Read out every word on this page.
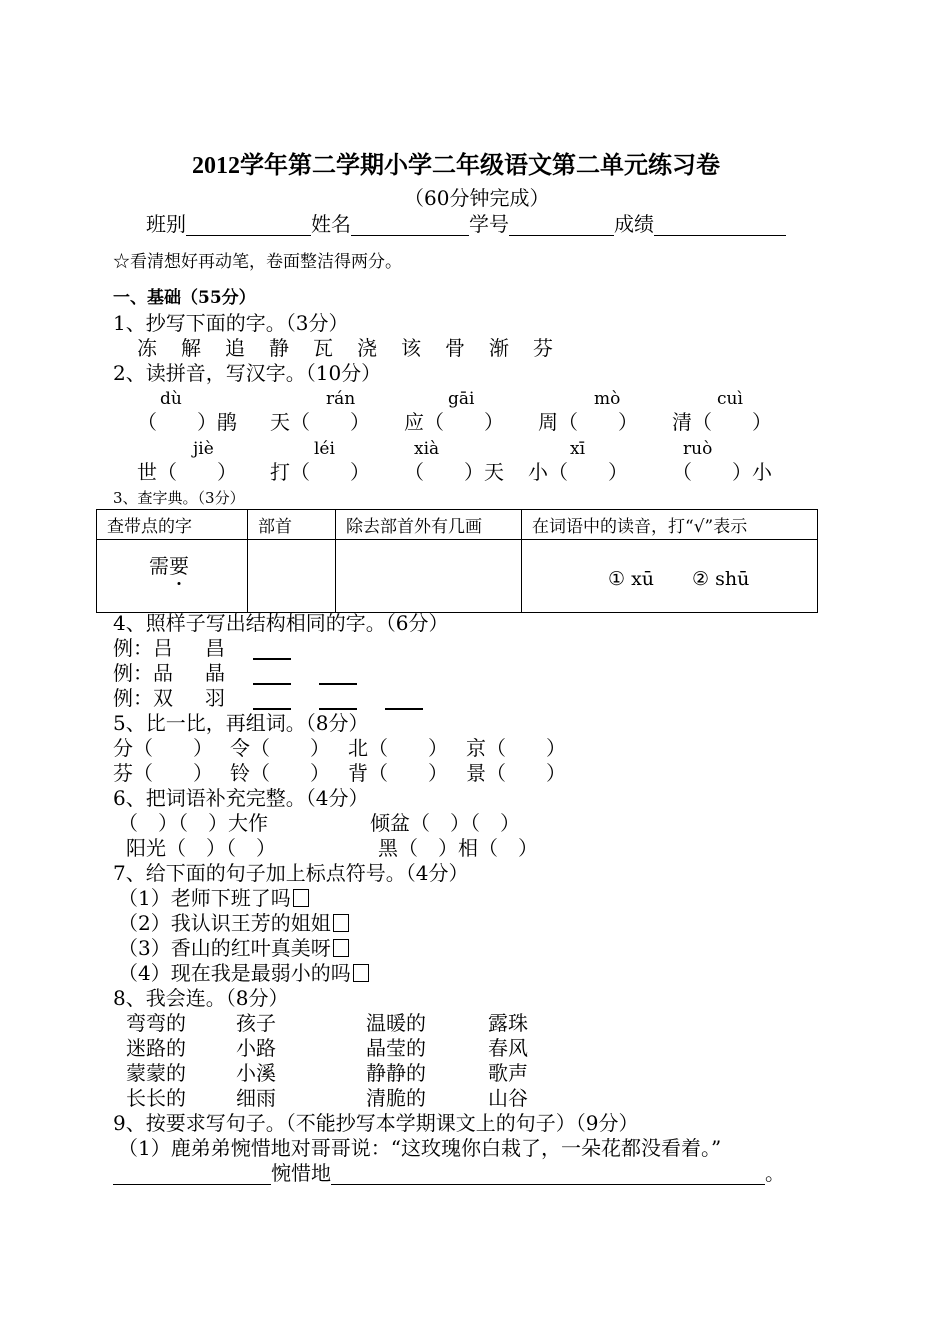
2012学年第二学期小学二年级语文第二单元练习卷
（60分钟完成）
班别	姓名	学号	成绩
☆看清想好再动笔，卷面整洁得两分。
一、基础（55分）
1、抄写下面的字。（3分）
冻	解	追	静	瓦	浇	该	骨	渐	芬
2、读拼音，写汉字。（10分）
dù	rán	gāi	mò	cuì
（　　）鹃 天（　　） 应（　　） 周（　　） 清（　　）
jiè	léi	xià	xī	ruò
世（　　） 打（　　） （　　）天 小（　　） （　　）小
3、查字典。（3分）
查带点的字	部首	除去部首外有几画	在词语中的读音，打“√”表示
需要			① xū　　② shū
4、照样子写出结构相同的字。（6分）
例：吕 昌
例：品 晶
例：双 羽
5、比一比，再组词。（8分）
分（　　） 令（　　） 北（　　） 京（　　）
芬（　　） 铃（　　） 背（　　） 景（　　）
6、把词语补充完整。（4分）
（　）（　）大作	倾盆（　）（　）
阳光（　）（　）	黑（　）相（　）
7、给下面的句子加上标点符号。（4分）
（1）老师下班了吗
（2）我认识王芳的姐姐
（3）香山的红叶真美呀
（4）现在我是最弱小的吗
8、我会连。（8分）
弯弯的	孩子	温暖的	露珠
迷路的	小路	晶莹的	春风
蒙蒙的	小溪	静静的	歌声
长长的	细雨	清脆的	山谷
9、按要求写句子。（不能抄写本学期课文上的句子）（9分）
（1）鹿弟弟惋惜地对哥哥说：“这玫瑰你白栽了，一朵花都没看着。”
惋惜地	。
